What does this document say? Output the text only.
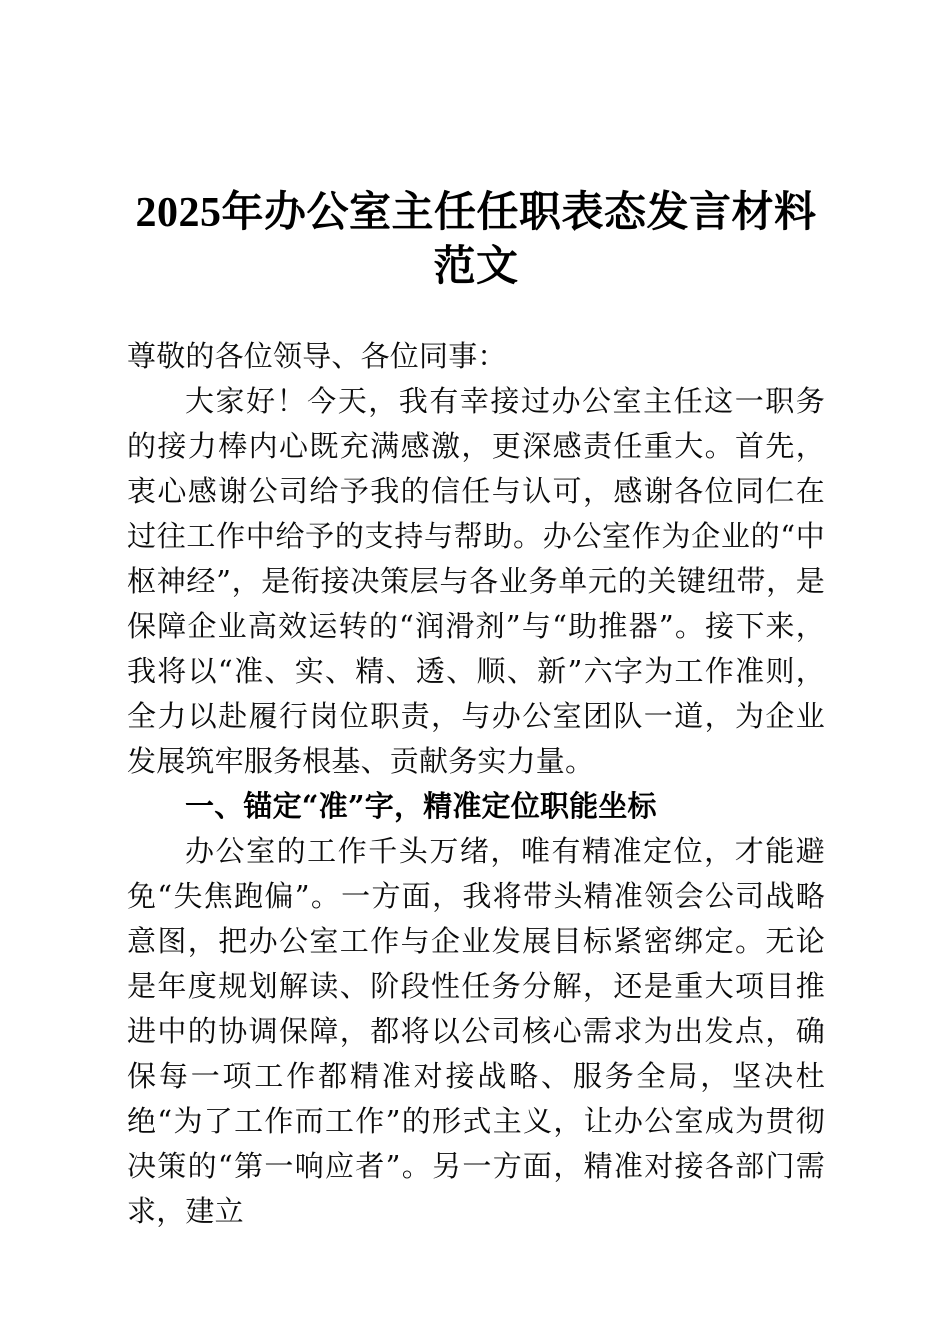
2025年办公室主任任职表态发言材料范文

尊敬的各位领导、各位同事：

大家好！今天，我有幸接过办公室主任这一职务的接力棒内心既充满感激，更深感责任重大。首先，衷心感谢公司给予我的信任与认可，感谢各位同仁在过往工作中给予的支持与帮助。办公室作为企业的“中枢神经”，是衔接决策层与各业务单元的关键纽带，是保障企业高效运转的“润滑剂”与“助推器”。接下来，我将以“准、实、精、透、顺、新”六字为工作准则，全力以赴履行岗位职责，与办公室团队一道，为企业发展筑牢服务根基、贡献务实力量。

一、锚定“准”字，精准定位职能坐标

办公室的工作千头万绪，唯有精准定位，才能避免“失焦跑偏”。一方面，我将带头精准领会公司战略意图，把办公室工作与企业发展目标紧密绑定。无论是年度规划解读、阶段性任务分解，还是重大项目推进中的协调保障，都将以公司核心需求为出发点，确保每一项工作都精准对接战略、服务全局，坚决杜绝“为了工作而工作”的形式主义，让办公室成为贯彻决策的“第一响应者”。另一方面，精准对接各部门需求，建立
